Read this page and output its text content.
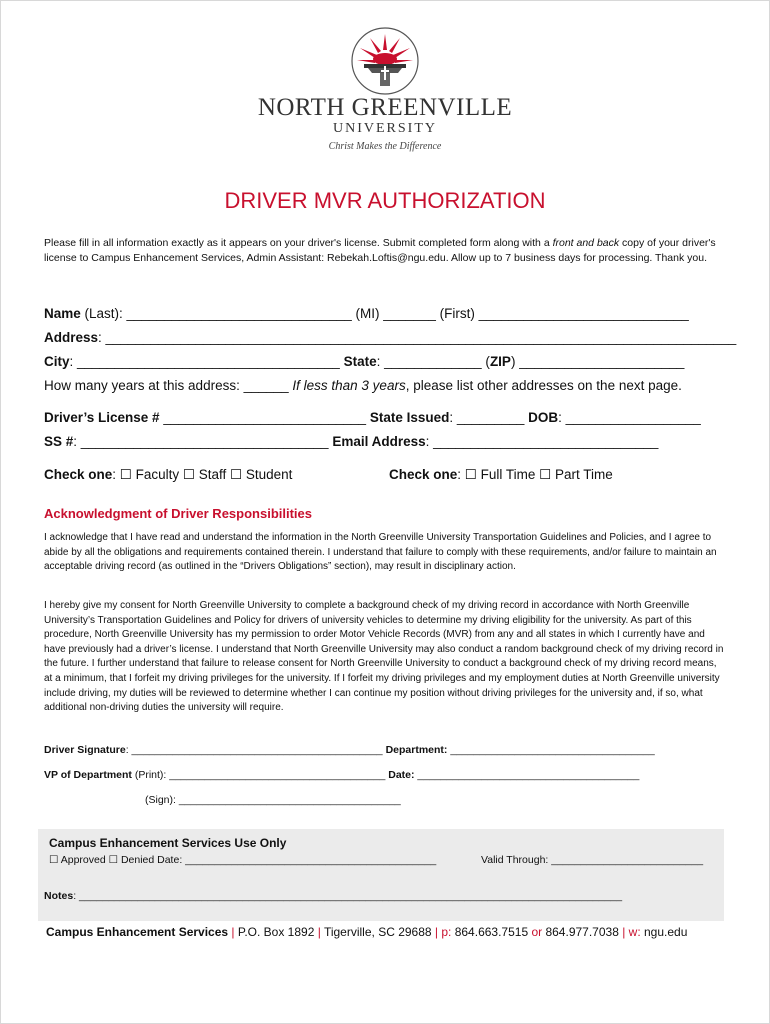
NORTH GREENVILLE
UNIVERSITY
Christ Makes the Difference
DRIVER MVR AUTHORIZATION
Please fill in all information exactly as it appears on your driver's license. Submit completed form along with a front and back copy of your driver's license to Campus Enhancement Services, Admin Assistant: Rebekah.Loftis@ngu.edu. Allow up to 7 business days for processing. Thank you.
Name (Last): ______________________________ (MI) _______ (First) ____________________________
Address: ____________________________________________________________________________________
City: ___________________________________ State: _____________ (ZIP) ______________________
How many years at this address: ______ If less than 3 years, please list other addresses on the next page.
Driver’s License # ___________________________ State Issued: _________ DOB: __________________
SS #: _________________________________ Email Address: ______________________________
Check one: ☐ Faculty ☐ Staff ☐ Student	Check one: ☐ Full Time ☐ Part Time
Acknowledgment of Driver Responsibilities
I acknowledge that I have read and understand the information in the North Greenville University Transportation Guidelines and Policies, and I agree to abide by all the obligations and requirements contained therein. I understand that failure to comply with these requirements, and/or failure to maintain an acceptable driving record (as outlined in the “Drivers Obligations” section), may result in disciplinary action.
I hereby give my consent for North Greenville University to complete a background check of my driving record in accordance with North Greenville University’s Transportation Guidelines and Policy for drivers of university vehicles to determine my driving eligibility for the university. As part of this procedure, North Greenville University has my permission to order Motor Vehicle Records (MVR) from any and all states in which I currently have and have previously had a driver’s license. I understand that North Greenville University may also conduct a random background check of my driving record in the future. I further understand that failure to release consent for North Greenville University to conduct a background check of my driving record means, at a minimum, that I forfeit my driving privileges for the university. If I forfeit my driving privileges and my employment duties at North Greenville university include driving, my duties will be reviewed to determine whether I can continue my position without driving privileges for the university and, if so, what additional non-driving duties the university will require.
Driver Signature: ___________________________________________ Department: ___________________________________
VP of Department (Print): _____________________________________ Date: ______________________________________
(Sign): ______________________________________
Campus Enhancement Services Use Only
☐ Approved ☐ Denied Date: ___________________________________________	Valid Through: __________________________
Notes: _____________________________________________________________________________________________
Campus Enhancement Services | P.O. Box 1892 | Tigerville, SC 29688 | p: 864.663.7515 or 864.977.7038 | w: ngu.edu
